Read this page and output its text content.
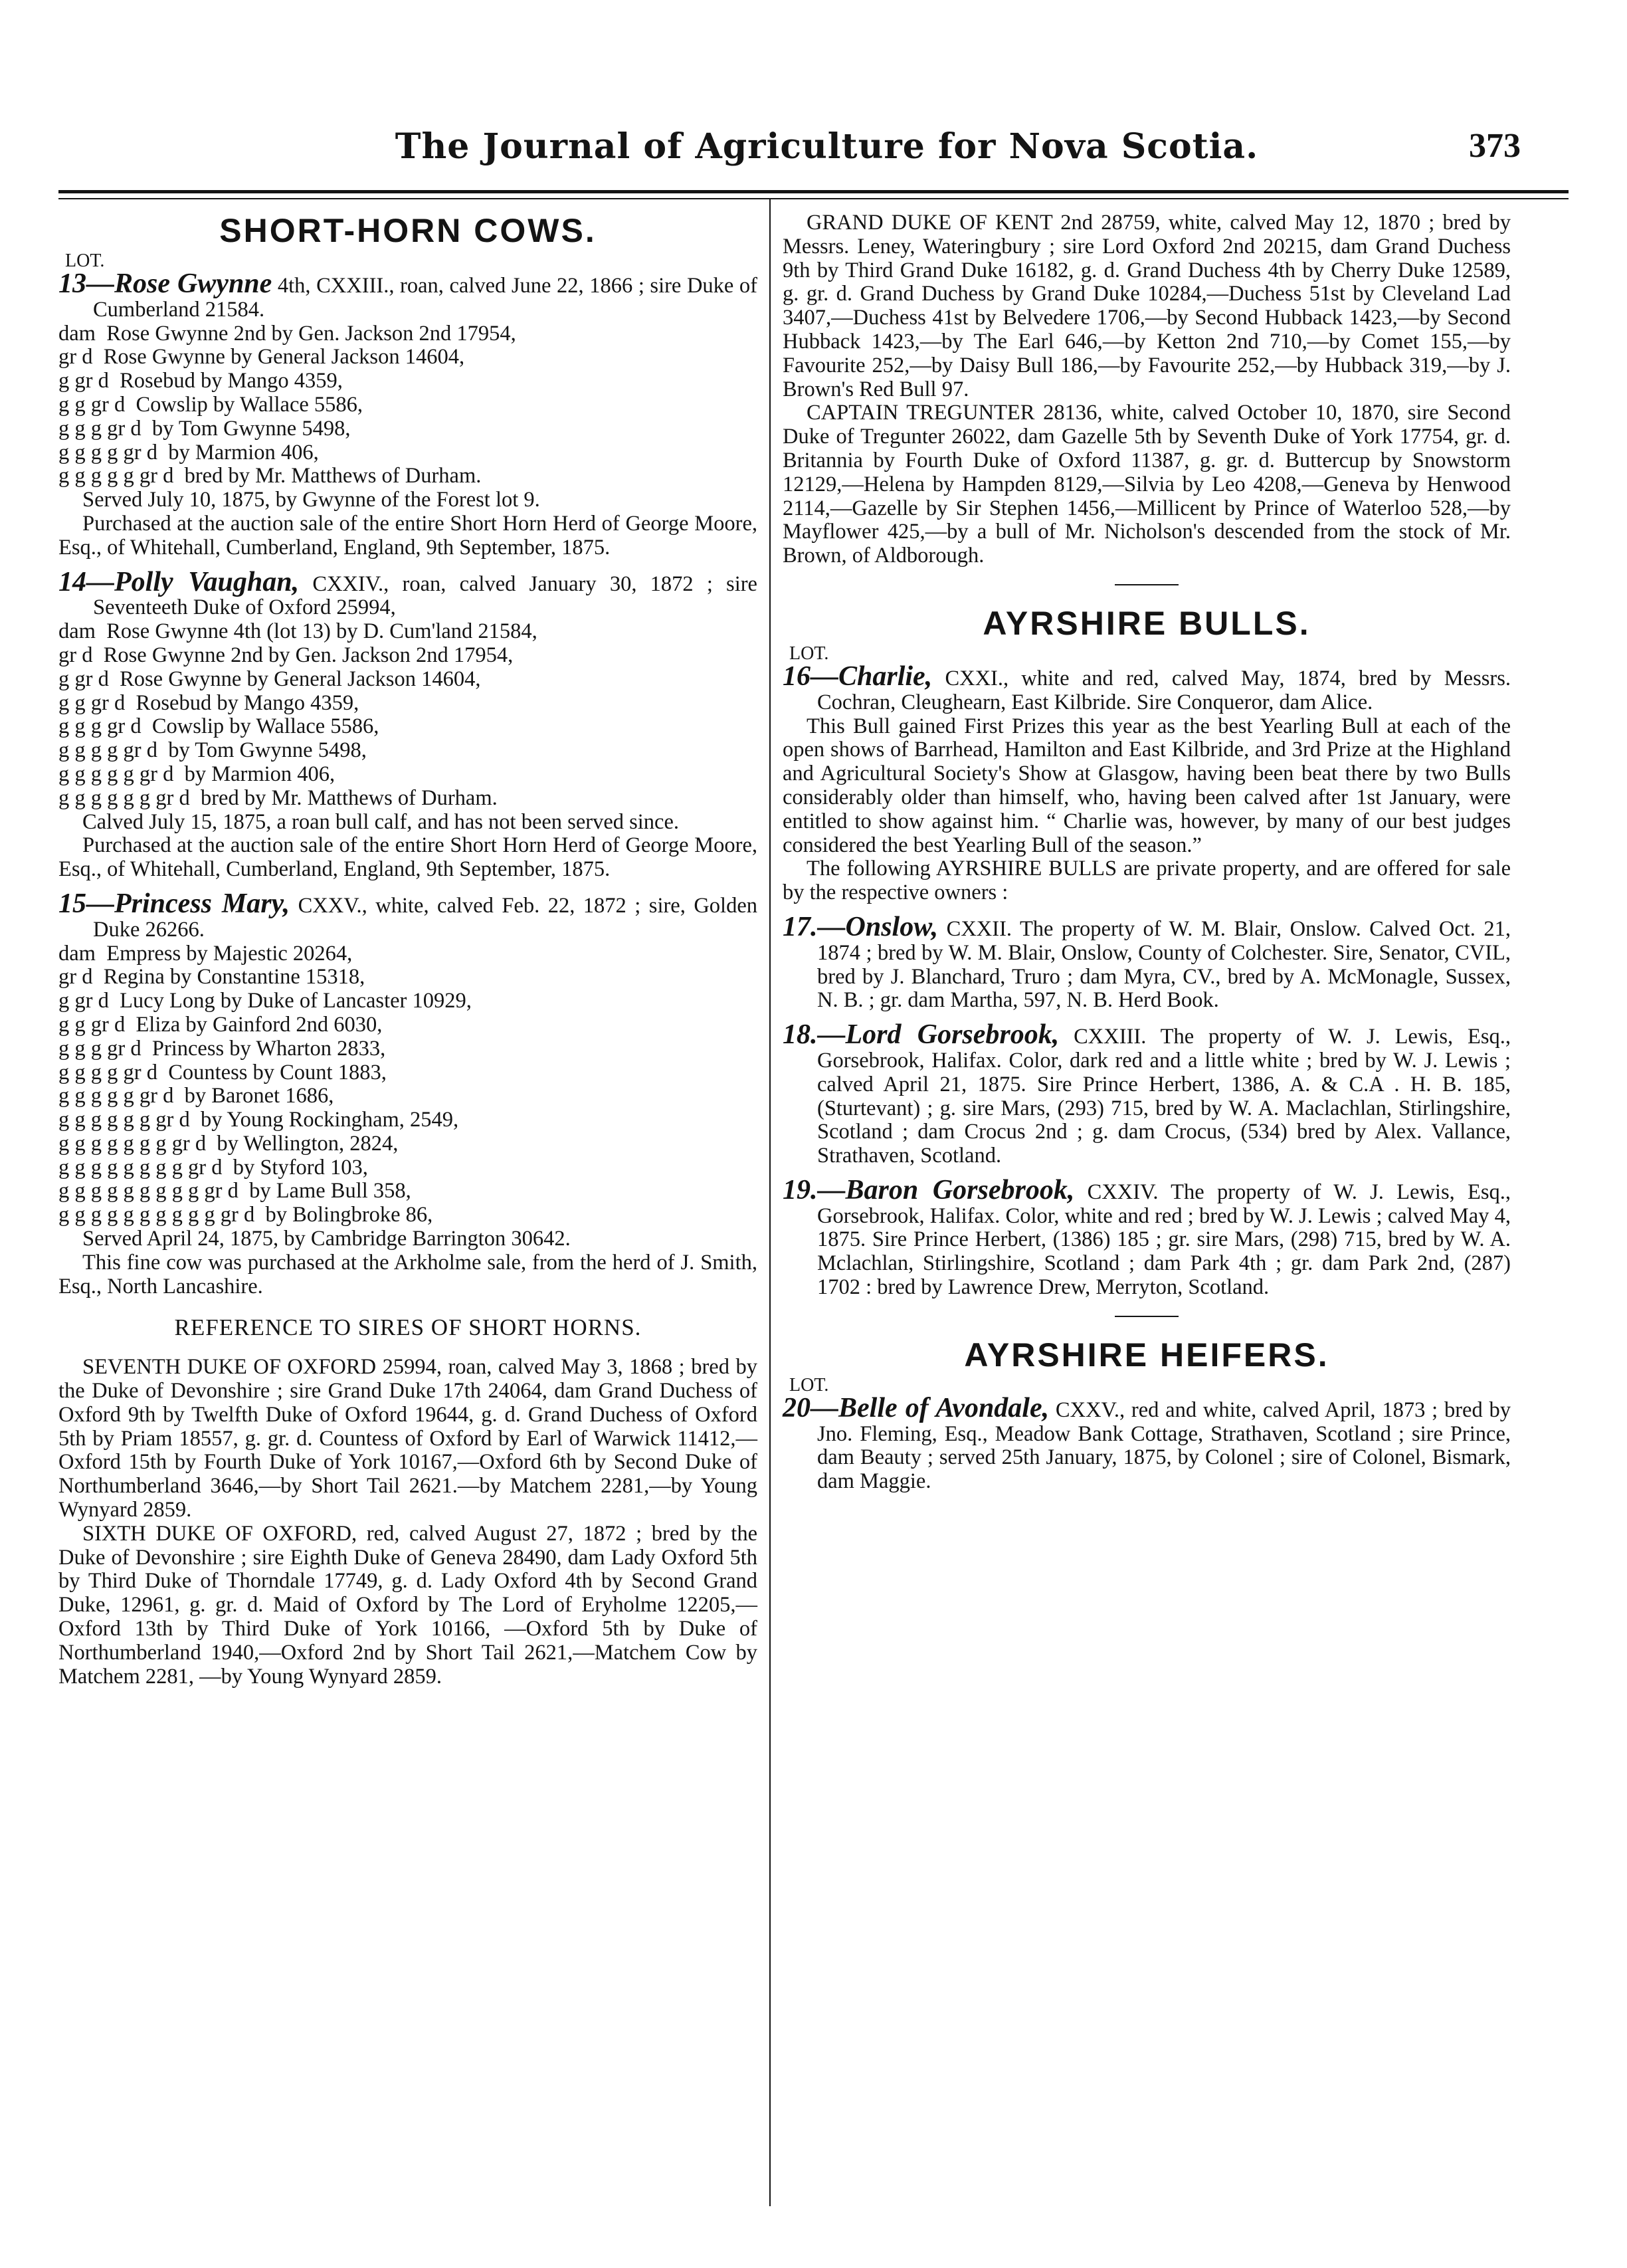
The Journal of Agriculture for Nova Scotia.	373
SHORT-HORN COWS.
LOT.

13—Rose Gwynne 4th, CXXIII., roan, calved June 22, 1866 ; sire Duke of Cumberland 21584.

dam Rose Gwynne 2nd by Gen. Jackson 2nd 17954,
gr d Rose Gwynne by General Jackson 14604,
g gr d Rosebud by Mango 4359,
g g gr d Cowslip by Wallace 5586,
g g g gr d by Tom Gwynne 5498,
g g g g gr d by Marmion 406,
g g g g g gr d bred by Mr. Matthews of Durham.

Served July 10, 1875, by Gwynne of the Forest lot 9.

Purchased at the auction sale of the entire Short Horn Herd of George Moore, Esq., of Whitehall, Cumberland, England, 9th September, 1875.

14—Polly Vaughan, CXXIV., roan, calved January 30, 1872 ; sire Seventeeth Duke of Oxford 25994,

dam Rose Gwynne 4th (lot 13) by D. Cum'land 21584,
gr d Rose Gwynne 2nd by Gen. Jackson 2nd 17954,
g gr d Rose Gwynne by General Jackson 14604,
g g gr d Rosebud by Mango 4359,
g g g gr d Cowslip by Wallace 5586,
g g g g gr d by Tom Gwynne 5498,
g g g g g gr d by Marmion 406,
g g g g g g gr d bred by Mr. Matthews of Durham.

Calved July 15, 1875, a roan bull calf, and has not been served since.

Purchased at the auction sale of the entire Short Horn Herd of George Moore, Esq., of Whitehall, Cumberland, England, 9th September, 1875.

15—Princess Mary, CXXV., white, calved Feb. 22, 1872 ; sire, Golden Duke 26266.

dam Empress by Majestic 20264,
gr d Regina by Constantine 15318,
g gr d Lucy Long by Duke of Lancaster 10929,
g g gr d Eliza by Gainford 2nd 6030,
g g g gr d Princess by Wharton 2833,
g g g g gr d Countess by Count 1883,
g g g g g gr d by Baronet 1686,
g g g g g g gr d by Young Rockingham, 2549,
g g g g g g g gr d by Wellington, 2824,
g g g g g g g g gr d by Styford 103,
g g g g g g g g g gr d by Lame Bull 358,
g g g g g g g g g g gr d by Bolingbroke 86,

Served April 24, 1875, by Cambridge Barrington 30642.

This fine cow was purchased at the Arkholme sale, from the herd of J. Smith, Esq., North Lancashire.

REFERENCE TO SIRES OF SHORT HORNS.

SEVENTH DUKE OF OXFORD 25994, roan, calved May 3, 1868 ; bred by the Duke of Devonshire ; sire Grand Duke 17th 24064, dam Grand Duchess of Oxford 9th by Twelfth Duke of Oxford 19644, g. d. Grand Duchess of Oxford 5th by Priam 18557, g. gr. d. Countess of Oxford by Earl of Warwick 11412,—Oxford 15th by Fourth Duke of York 10167,—Oxford 6th by Second Duke of Northumberland 3646,—by Short Tail 2621.—by Matchem 2281,—by Young Wynyard 2859.

SIXTH DUKE OF OXFORD, red, calved August 27, 1872 ; bred by the Duke of Devonshire ; sire Eighth Duke of Geneva 28490, dam Lady Oxford 5th by Third Duke of Thorndale 17749, g. d. Lady Oxford 4th by Second Grand Duke, 12961, g. gr. d. Maid of Oxford by The Lord of Eryholme 12205,—Oxford 13th by Third Duke of York 10166, —Oxford 5th by Duke of Northumberland 1940,—Oxford 2nd by Short Tail 2621,—Matchem Cow by Matchem 2281, —by Young Wynyard 2859.

GRAND DUKE OF KENT 2nd 28759, white, calved May 12, 1870 ; bred by Messrs. Leney, Wateringbury ; sire Lord Oxford 2nd 20215, dam Grand Duchess 9th by Third Grand Duke 16182, g. d. Grand Duchess 4th by Cherry Duke 12589, g. gr. d. Grand Duchess by Grand Duke 10284,—Duchess 51st by Cleveland Lad 3407,—Duchess 41st by Belvedere 1706,—by Second Hubback 1423,—by Second Hubback 1423,—by The Earl 646,—by Ketton 2nd 710,—by Comet 155,—by Favourite 252,—by Daisy Bull 186,—by Favourite 252,—by Hubback 319,—by J. Brown's Red Bull 97.

CAPTAIN TREGUNTER 28136, white, calved October 10, 1870, sire Second Duke of Tregunter 26022, dam Gazelle 5th by Seventh Duke of York 17754, gr. d. Britannia by Fourth Duke of Oxford 11387, g. gr. d. Buttercup by Snowstorm 12129,—Helena by Hampden 8129,—Silvia by Leo 4208,—Geneva by Henwood 2114,—Gazelle by Sir Stephen 1456,—Millicent by Prince of Waterloo 528,—by Mayflower 425,—by a bull of Mr. Nicholson's descended from the stock of Mr. Brown, of Aldborough.

AYRSHIRE BULLS.
LOT.

16—Charlie, CXXI., white and red, calved May, 1874, bred by Messrs. Cochran, Cleughearn, East Kilbride. Sire Conqueror, dam Alice.

This Bull gained First Prizes this year as the best Yearling Bull at each of the open shows of Barrhead, Hamilton and East Kilbride, and 3rd Prize at the Highland and Agricultural Society's Show at Glasgow, having been beat there by two Bulls considerably older than himself, who, having been calved after 1st January, were entitled to show against him. “ Charlie was, however, by many of our best judges considered the best Yearling Bull of the season.”

The following AYRSHIRE BULLS are private property, and are offered for sale by the respective owners :

17.—Onslow, CXXII. The property of W. M. Blair, Onslow. Calved Oct. 21, 1874 ; bred by W. M. Blair, Onslow, County of Colchester. Sire, Senator, CVIL, bred by J. Blanchard, Truro ; dam Myra, CV., bred by A. McMonagle, Sussex, N. B. ; gr. dam Martha, 597, N. B. Herd Book.

18.—Lord Gorsebrook, CXXIII. The property of W. J. Lewis, Esq., Gorsebrook, Halifax. Color, dark red and a little white ; bred by W. J. Lewis ; calved April 21, 1875. Sire Prince Herbert, 1386, A. & C.A . H. B. 185, (Sturtevant) ; g. sire Mars, (293) 715, bred by W. A. Maclachlan, Stirlingshire, Scotland ; dam Crocus 2nd ; g. dam Crocus, (534) bred by Alex. Vallance, Strathaven, Scotland.

19.—Baron Gorsebrook, CXXIV. The property of W. J. Lewis, Esq., Gorsebrook, Halifax. Color, white and red ; bred by W. J. Lewis ; calved May 4, 1875. Sire Prince Herbert, (1386) 185 ; gr. sire Mars, (298) 715, bred by W. A. Mclachlan, Stirlingshire, Scotland ; dam Park 4th ; gr. dam Park 2nd, (287) 1702 : bred by Lawrence Drew, Merryton, Scotland.

AYRSHIRE HEIFERS.
LOT.

20—Belle of Avondale, CXXV., red and white, calved April, 1873 ; bred by Jno. Fleming, Esq., Meadow Bank Cottage, Strathaven, Scotland ; sire Prince, dam Beauty ; served 25th January, 1875, by Colonel ; sire of Colonel, Bismark, dam Maggie.
